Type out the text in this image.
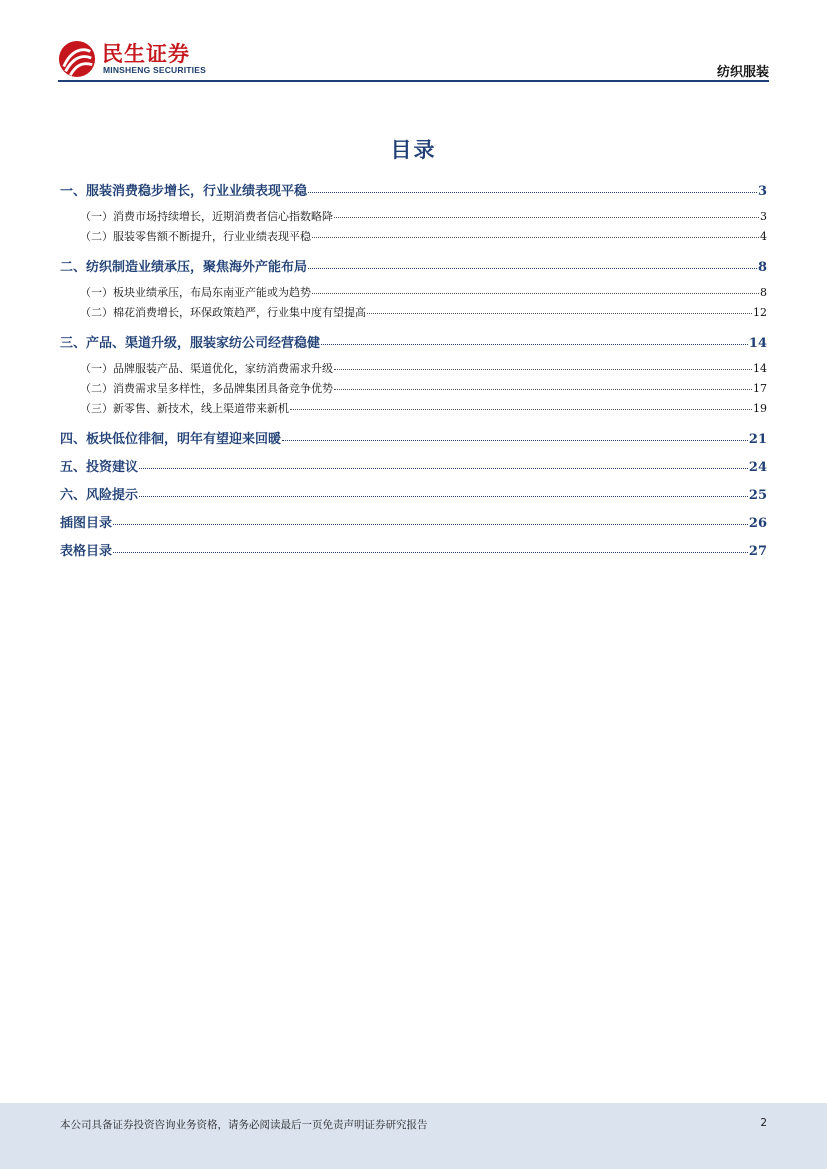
民生证券
MINSHENG SECURITIES	纺织服装
目录
一、服装消费稳步增长，行业业绩表现平稳	3
（一）消费市场持续增长，近期消费者信心指数略降	3
（二）服装零售额不断提升，行业业绩表现平稳	4
二、纺织制造业绩承压，聚焦海外产能布局	8
（一）板块业绩承压，布局东南亚产能或为趋势	8
（二）棉花消费增长，环保政策趋严，行业集中度有望提高	12
三、产品、渠道升级，服装家纺公司经营稳健	14
（一）品牌服装产品、渠道优化，家纺消费需求升级	14
（二）消费需求呈多样性，多品牌集团具备竞争优势	17
（三）新零售、新技术，线上渠道带来新机	19
四、板块低位徘徊，明年有望迎来回暖	21
五、投资建议	24
六、风险提示	25
插图目录	26
表格目录	27
本公司具备证券投资咨询业务资格，请务必阅读最后一页免责声明证券研究报告	2
